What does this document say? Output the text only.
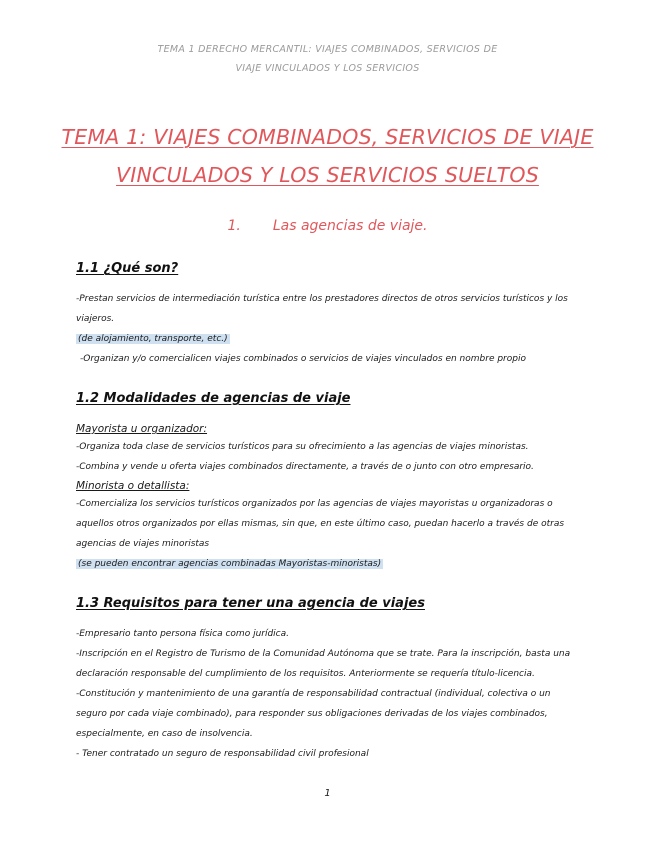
TEMA 1 DERECHO MERCANTIL: VIAJES COMBINADOS, SERVICIOS DE
VIAJE VINCULADOS Y LOS SERVICIOS
TEMA 1: VIAJES COMBINADOS, SERVICIOS DE VIAJE
VINCULADOS Y LOS SERVICIOS SUELTOS
1. Las agencias de viaje.
1.1 ¿Qué son?
-Prestan servicios de intermediación turística entre los prestadores directos de otros servicios turísticos y los
viajeros.
(de alojamiento, transporte, etc.)
-Organizan y/o comercialicen viajes combinados o servicios de viajes vinculados en nombre propio
1.2 Modalidades de agencias de viaje
Mayorista u organizador:
-Organiza toda clase de servicios turísticos para su ofrecimiento a las agencias de viajes minoristas.
-Combina y vende u oferta viajes combinados directamente, a través de o junto con otro empresario.
Minorista o detallista:
-Comercializa los servicios turísticos organizados por las agencias de viajes mayoristas u organizadoras o
aquellos otros organizados por ellas mismas, sin que, en este último caso, puedan hacerlo a través de otras
agencias de viajes minoristas
(se pueden encontrar agencias combinadas Mayoristas-minoristas)
1.3 Requisitos para tener una agencia de viajes
-Empresario tanto persona física como jurídica.
-Inscripción en el Registro de Turismo de la Comunidad Autónoma que se trate. Para la inscripción, basta una
declaración responsable del cumplimiento de los requisitos. Anteriormente se requería título-licencia.
-Constitución y mantenimiento de una garantía de responsabilidad contractual (individual, colectiva o un
seguro por cada viaje combinado), para responder sus obligaciones derivadas de los viajes combinados,
especialmente, en caso de insolvencia.
- Tener contratado un seguro de responsabilidad civil profesional
1
